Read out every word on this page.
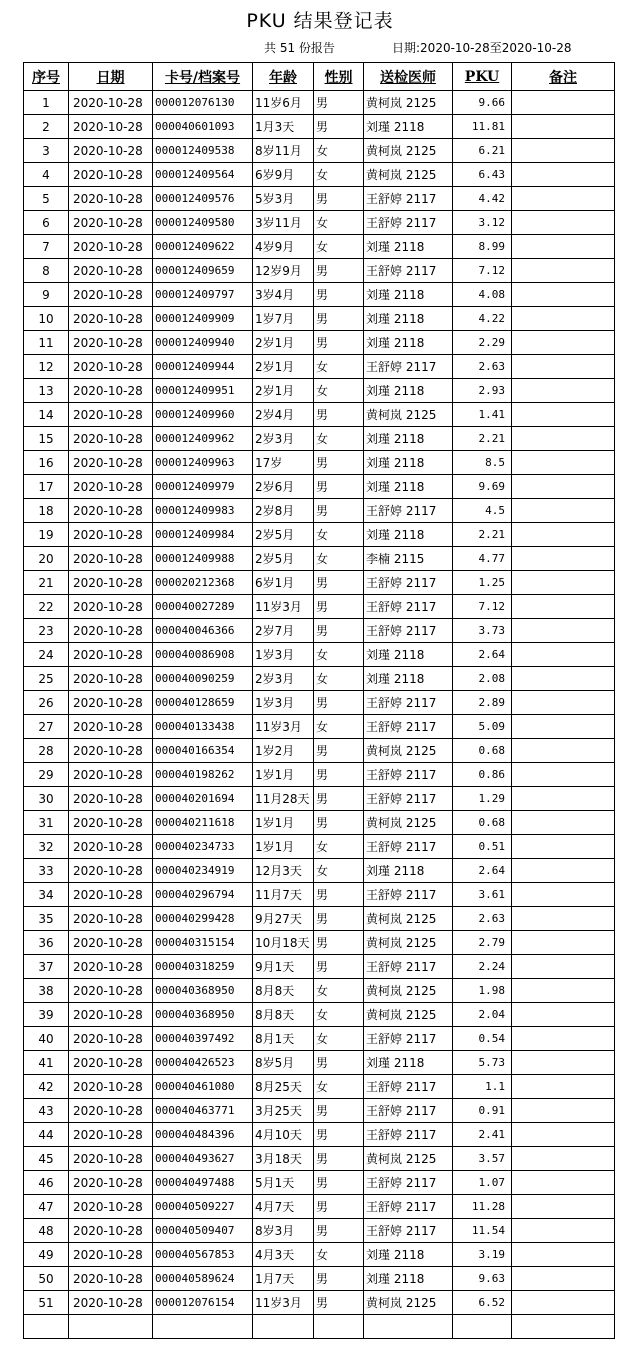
PKU 结果登记表
共 51 份报告	日期:2020-10-28至2020-10-28
序号	日期	卡号/档案号	年龄	性别	送检医师	PKU	备注
1	2020-10-28	000012076130	11岁6月	男	黄柯岚 2125	9.66	
2	2020-10-28	000040601093	1月3天	男	刘瑾 2118	11.81	
3	2020-10-28	000012409538	8岁11月	女	黄柯岚 2125	6.21	
4	2020-10-28	000012409564	6岁9月	女	黄柯岚 2125	6.43	
5	2020-10-28	000012409576	5岁3月	男	王舒婷 2117	4.42	
6	2020-10-28	000012409580	3岁11月	女	王舒婷 2117	3.12	
7	2020-10-28	000012409622	4岁9月	女	刘瑾 2118	8.99	
8	2020-10-28	000012409659	12岁9月	男	王舒婷 2117	7.12	
9	2020-10-28	000012409797	3岁4月	男	刘瑾 2118	4.08	
10	2020-10-28	000012409909	1岁7月	男	刘瑾 2118	4.22	
11	2020-10-28	000012409940	2岁1月	男	刘瑾 2118	2.29	
12	2020-10-28	000012409944	2岁1月	女	王舒婷 2117	2.63	
13	2020-10-28	000012409951	2岁1月	女	刘瑾 2118	2.93	
14	2020-10-28	000012409960	2岁4月	男	黄柯岚 2125	1.41	
15	2020-10-28	000012409962	2岁3月	女	刘瑾 2118	2.21	
16	2020-10-28	000012409963	17岁	男	刘瑾 2118	8.5	
17	2020-10-28	000012409979	2岁6月	男	刘瑾 2118	9.69	
18	2020-10-28	000012409983	2岁8月	男	王舒婷 2117	4.5	
19	2020-10-28	000012409984	2岁5月	女	刘瑾 2118	2.21	
20	2020-10-28	000012409988	2岁5月	女	李楠 2115	4.77	
21	2020-10-28	000020212368	6岁1月	男	王舒婷 2117	1.25	
22	2020-10-28	000040027289	11岁3月	男	王舒婷 2117	7.12	
23	2020-10-28	000040046366	2岁7月	男	王舒婷 2117	3.73	
24	2020-10-28	000040086908	1岁3月	女	刘瑾 2118	2.64	
25	2020-10-28	000040090259	2岁3月	女	刘瑾 2118	2.08	
26	2020-10-28	000040128659	1岁3月	男	王舒婷 2117	2.89	
27	2020-10-28	000040133438	11岁3月	女	王舒婷 2117	5.09	
28	2020-10-28	000040166354	1岁2月	男	黄柯岚 2125	0.68	
29	2020-10-28	000040198262	1岁1月	男	王舒婷 2117	0.86	
30	2020-10-28	000040201694	11月28天	男	王舒婷 2117	1.29	
31	2020-10-28	000040211618	1岁1月	男	黄柯岚 2125	0.68	
32	2020-10-28	000040234733	1岁1月	女	王舒婷 2117	0.51	
33	2020-10-28	000040234919	12月3天	女	刘瑾 2118	2.64	
34	2020-10-28	000040296794	11月7天	男	王舒婷 2117	3.61	
35	2020-10-28	000040299428	9月27天	男	黄柯岚 2125	2.63	
36	2020-10-28	000040315154	10月18天	男	黄柯岚 2125	2.79	
37	2020-10-28	000040318259	9月1天	男	王舒婷 2117	2.24	
38	2020-10-28	000040368950	8月8天	女	黄柯岚 2125	1.98	
39	2020-10-28	000040368950	8月8天	女	黄柯岚 2125	2.04	
40	2020-10-28	000040397492	8月1天	女	王舒婷 2117	0.54	
41	2020-10-28	000040426523	8岁5月	男	刘瑾 2118	5.73	
42	2020-10-28	000040461080	8月25天	女	王舒婷 2117	1.1	
43	2020-10-28	000040463771	3月25天	男	王舒婷 2117	0.91	
44	2020-10-28	000040484396	4月10天	男	王舒婷 2117	2.41	
45	2020-10-28	000040493627	3月18天	男	黄柯岚 2125	3.57	
46	2020-10-28	000040497488	5月1天	男	王舒婷 2117	1.07	
47	2020-10-28	000040509227	4月7天	男	王舒婷 2117	11.28	
48	2020-10-28	000040509407	8岁3月	男	王舒婷 2117	11.54	
49	2020-10-28	000040567853	4月3天	女	刘瑾 2118	3.19	
50	2020-10-28	000040589624	1月7天	男	刘瑾 2118	9.63	
51	2020-10-28	000012076154	11岁3月	男	黄柯岚 2125	6.52	
